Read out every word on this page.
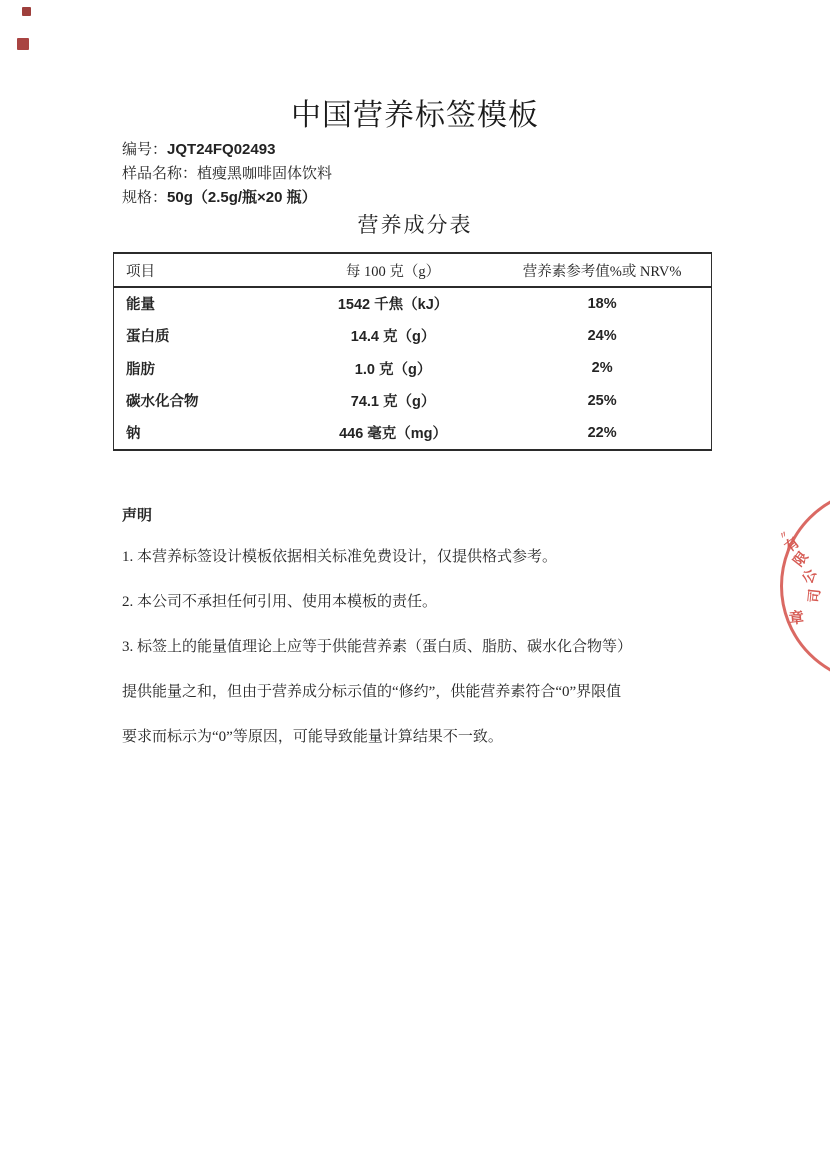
中国营养标签模板
编号：JQT24FQ02493
样品名称：植瘦黑咖啡固体饮料
规格：50g（2.5g/瓶×20 瓶）
营养成分表
项目	每 100 克（g）	营养素参考值%或 NRV%
能量	1542 千焦（kJ）	18%
蛋白质	14.4 克（g）	24%
脂肪	1.0 克（g）	2%
碳水化合物	74.1 克（g）	25%
钠	446 毫克（mg）	22%
声明
1. 本营养标签设计模板依据相关标准免费设计，仅提供格式参考。
2. 本公司不承担任何引用、使用本模板的责任。
3. 标签上的能量值理论上应等于供能营养素（蛋白质、脂肪、碳水化合物等）
提供能量之和，但由于营养成分标示值的“修约”，供能营养素符合“0”界限值
要求而标示为“0”等原因，可能导致能量计算结果不一致。
〃
有
限
公
司
章
